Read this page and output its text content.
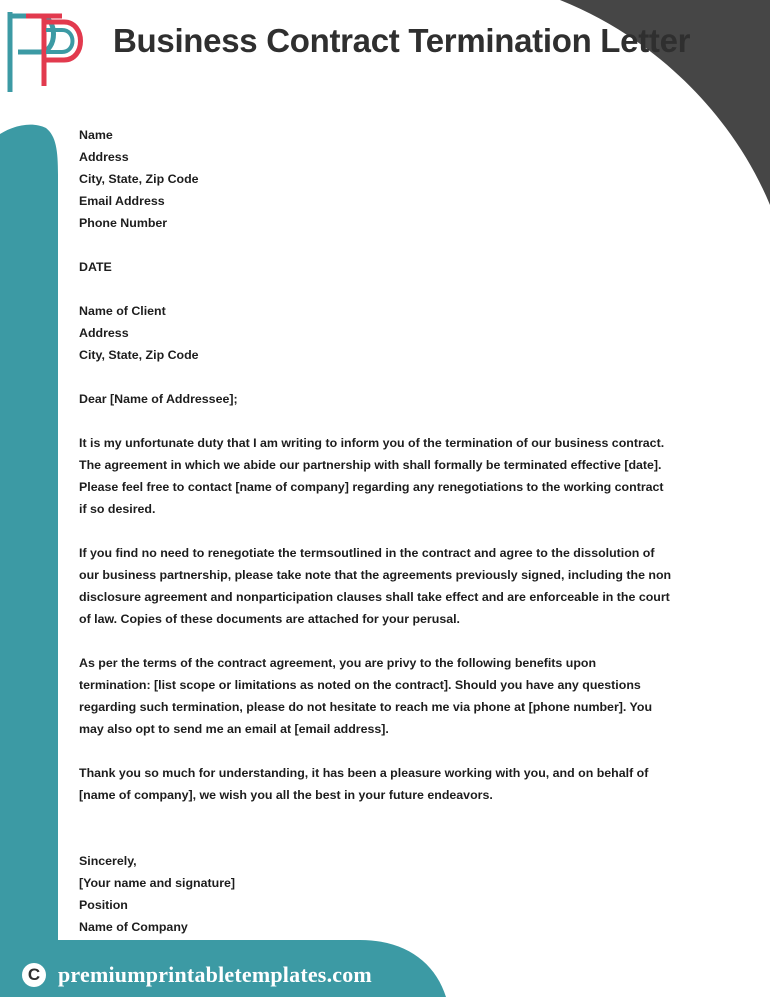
Business Contract Termination Letter
Name
Address
City, State, Zip Code
Email Address
Phone Number
DATE
Name of Client
Address
City, State, Zip Code
Dear [Name of Addressee];
It is my unfortunate duty that I am writing to inform you of the termination of our business contract.
The agreement in which we abide our partnership with shall formally be terminated effective [date].
Please feel free to contact [name of company] regarding any renegotiations to the working contract
if so desired.
If you find no need to renegotiate the termsoutlined in the contract and agree to the dissolution of
our business partnership, please take note that the agreements previously signed, including the non
disclosure agreement and nonparticipation clauses shall take effect and are enforceable in the court
of law. Copies of these documents are attached for your perusal.
As per the terms of the contract agreement, you are privy to the following benefits upon
termination: [list scope or limitations as noted on the contract]. Should you have any questions
regarding such termination, please do not hesitate to reach me via phone at [phone number]. You
may also opt to send me an email at [email address].
Thank you so much for understanding, it has been a pleasure working with you, and on behalf of
[name of company], we wish you all the best in your future endeavors.
Sincerely,
[Your name and signature]
Position
Name of Company
C premiumprintabletemplates.com
